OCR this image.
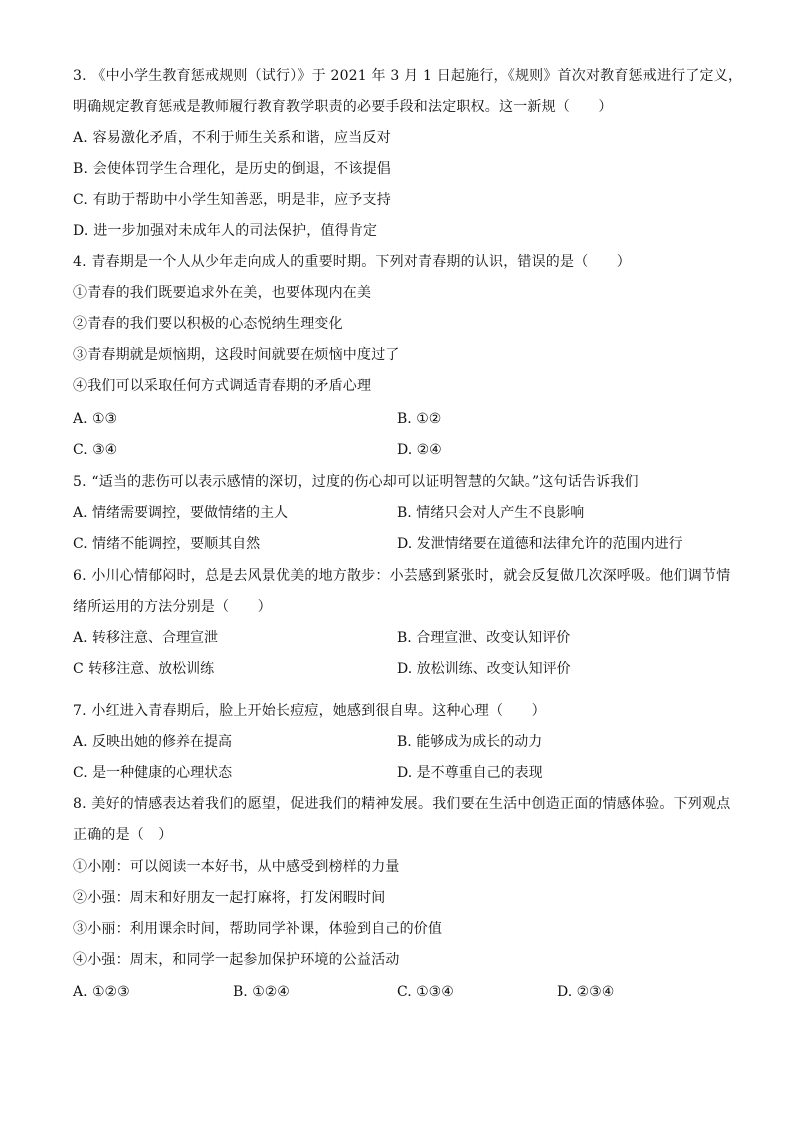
3. 《中小学生教育惩戒规则（试行）》于 2021 年 3 月 1 日起施行，《规则》首次对教育惩戒进行了定义，
明确规定教育惩戒是教师履行教育教学职责的必要手段和法定职权。这一新规（　　）
A. 容易激化矛盾，不利于师生关系和谐，应当反对
B. 会使体罚学生合理化，是历史的倒退，不该提倡
C. 有助于帮助中小学生知善恶，明是非，应予支持
D. 进一步加强对未成年人的司法保护，值得肯定
4. 青春期是一个人从少年走向成人的重要时期。下列对青春期的认识，错误的是（　　）
①青春的我们既要追求外在美，也要体现内在美
②青春的我们要以积极的心态悦纳生理变化
③青春期就是烦恼期，这段时间就要在烦恼中度过了
④我们可以采取任何方式调适青春期的矛盾心理
A. ①③	B. ①②
C. ③④	D. ②④
5. “适当的悲伤可以表示感情的深切，过度的伤心却可以证明智慧的欠缺。”这句话告诉我们
A. 情绪需要调控，要做情绪的主人	B. 情绪只会对人产生不良影响
C. 情绪不能调控，要顺其自然	D. 发泄情绪要在道德和法律允许的范围内进行
6. 小川心情郁闷时，总是去风景优美的地方散步：小芸感到紧张时，就会反复做几次深呼吸。他们调节情
绪所运用的方法分别是（　　）
A. 转移注意、合理宣泄	B. 合理宣泄、改变认知评价
C 转移注意、放松训练	D. 放松训练、改变认知评价
7. 小红进入青春期后，脸上开始长痘痘，她感到很自卑。这种心理（　　）
A. 反映出她的修养在提高	B. 能够成为成长的动力
C. 是一种健康的心理状态	D. 是不尊重自己的表现
8. 美好的情感表达着我们的愿望，促进我们的精神发展。我们要在生活中创造正面的情感体验。下列观点
正确的是（　）
①小刚：可以阅读一本好书，从中感受到榜样的力量
②小强：周末和好朋友一起打麻将，打发闲暇时间
③小丽：利用课余时间，帮助同学补课，体验到自己的价值
④小强：周末，和同学一起参加保护环境的公益活动
A. ①②③	B. ①②④	C. ①③④	D. ②③④
